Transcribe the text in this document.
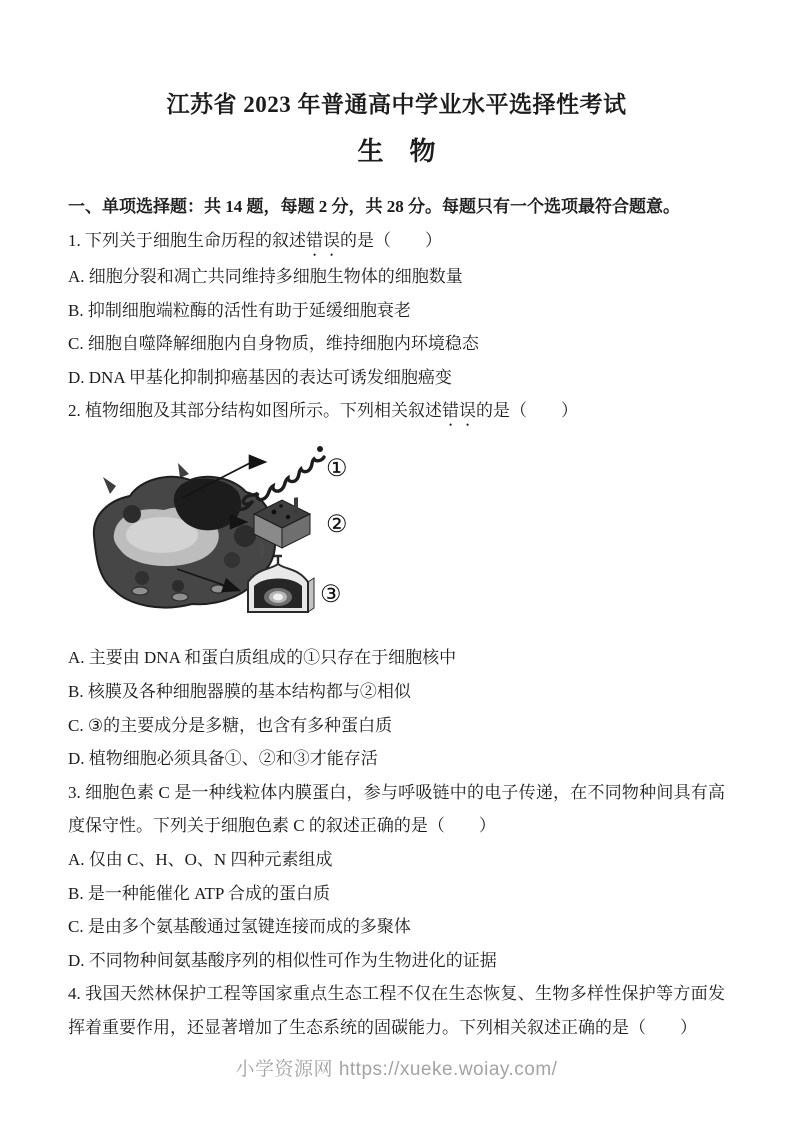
江苏省 2023 年普通高中学业水平选择性考试
生　物

一、单项选择题：共 14 题，每题 2 分，共 28 分。每题只有一个选项最符合题意。

1. 下列关于细胞生命历程的叙述错误的是（　　）

A. 细胞分裂和凋亡共同维持多细胞生物体的细胞数量

B. 抑制细胞端粒酶的活性有助于延缓细胞衰老

C. 细胞自噬降解细胞内自身物质，维持细胞内环境稳态

D. DNA 甲基化抑制抑癌基因的表达可诱发细胞癌变

2. 植物细胞及其部分结构如图所示。下列相关叙述错误的是（　　）

①
②
③

A. 主要由 DNA 和蛋白质组成的①只存在于细胞核中

B. 核膜及各种细胞器膜的基本结构都与②相似

C. ③的主要成分是多糖，也含有多种蛋白质

D. 植物细胞必须具备①、②和③才能存活

3. 细胞色素 C 是一种线粒体内膜蛋白，参与呼吸链中的电子传递，在不同物种间具有高度保守性。下列关于细胞色素 C 的叙述正确的是（　　）

A. 仅由 C、H、O、N 四种元素组成

B. 是一种能催化 ATP 合成的蛋白质

C. 是由多个氨基酸通过氢键连接而成的多聚体

D. 不同物种间氨基酸序列的相似性可作为生物进化的证据

4. 我国天然林保护工程等国家重点生态工程不仅在生态恢复、生物多样性保护等方面发挥着重要作用，还显著增加了生态系统的固碳能力。下列相关叙述正确的是（　　）

小学资源网 https://xueke.woiay.com/
